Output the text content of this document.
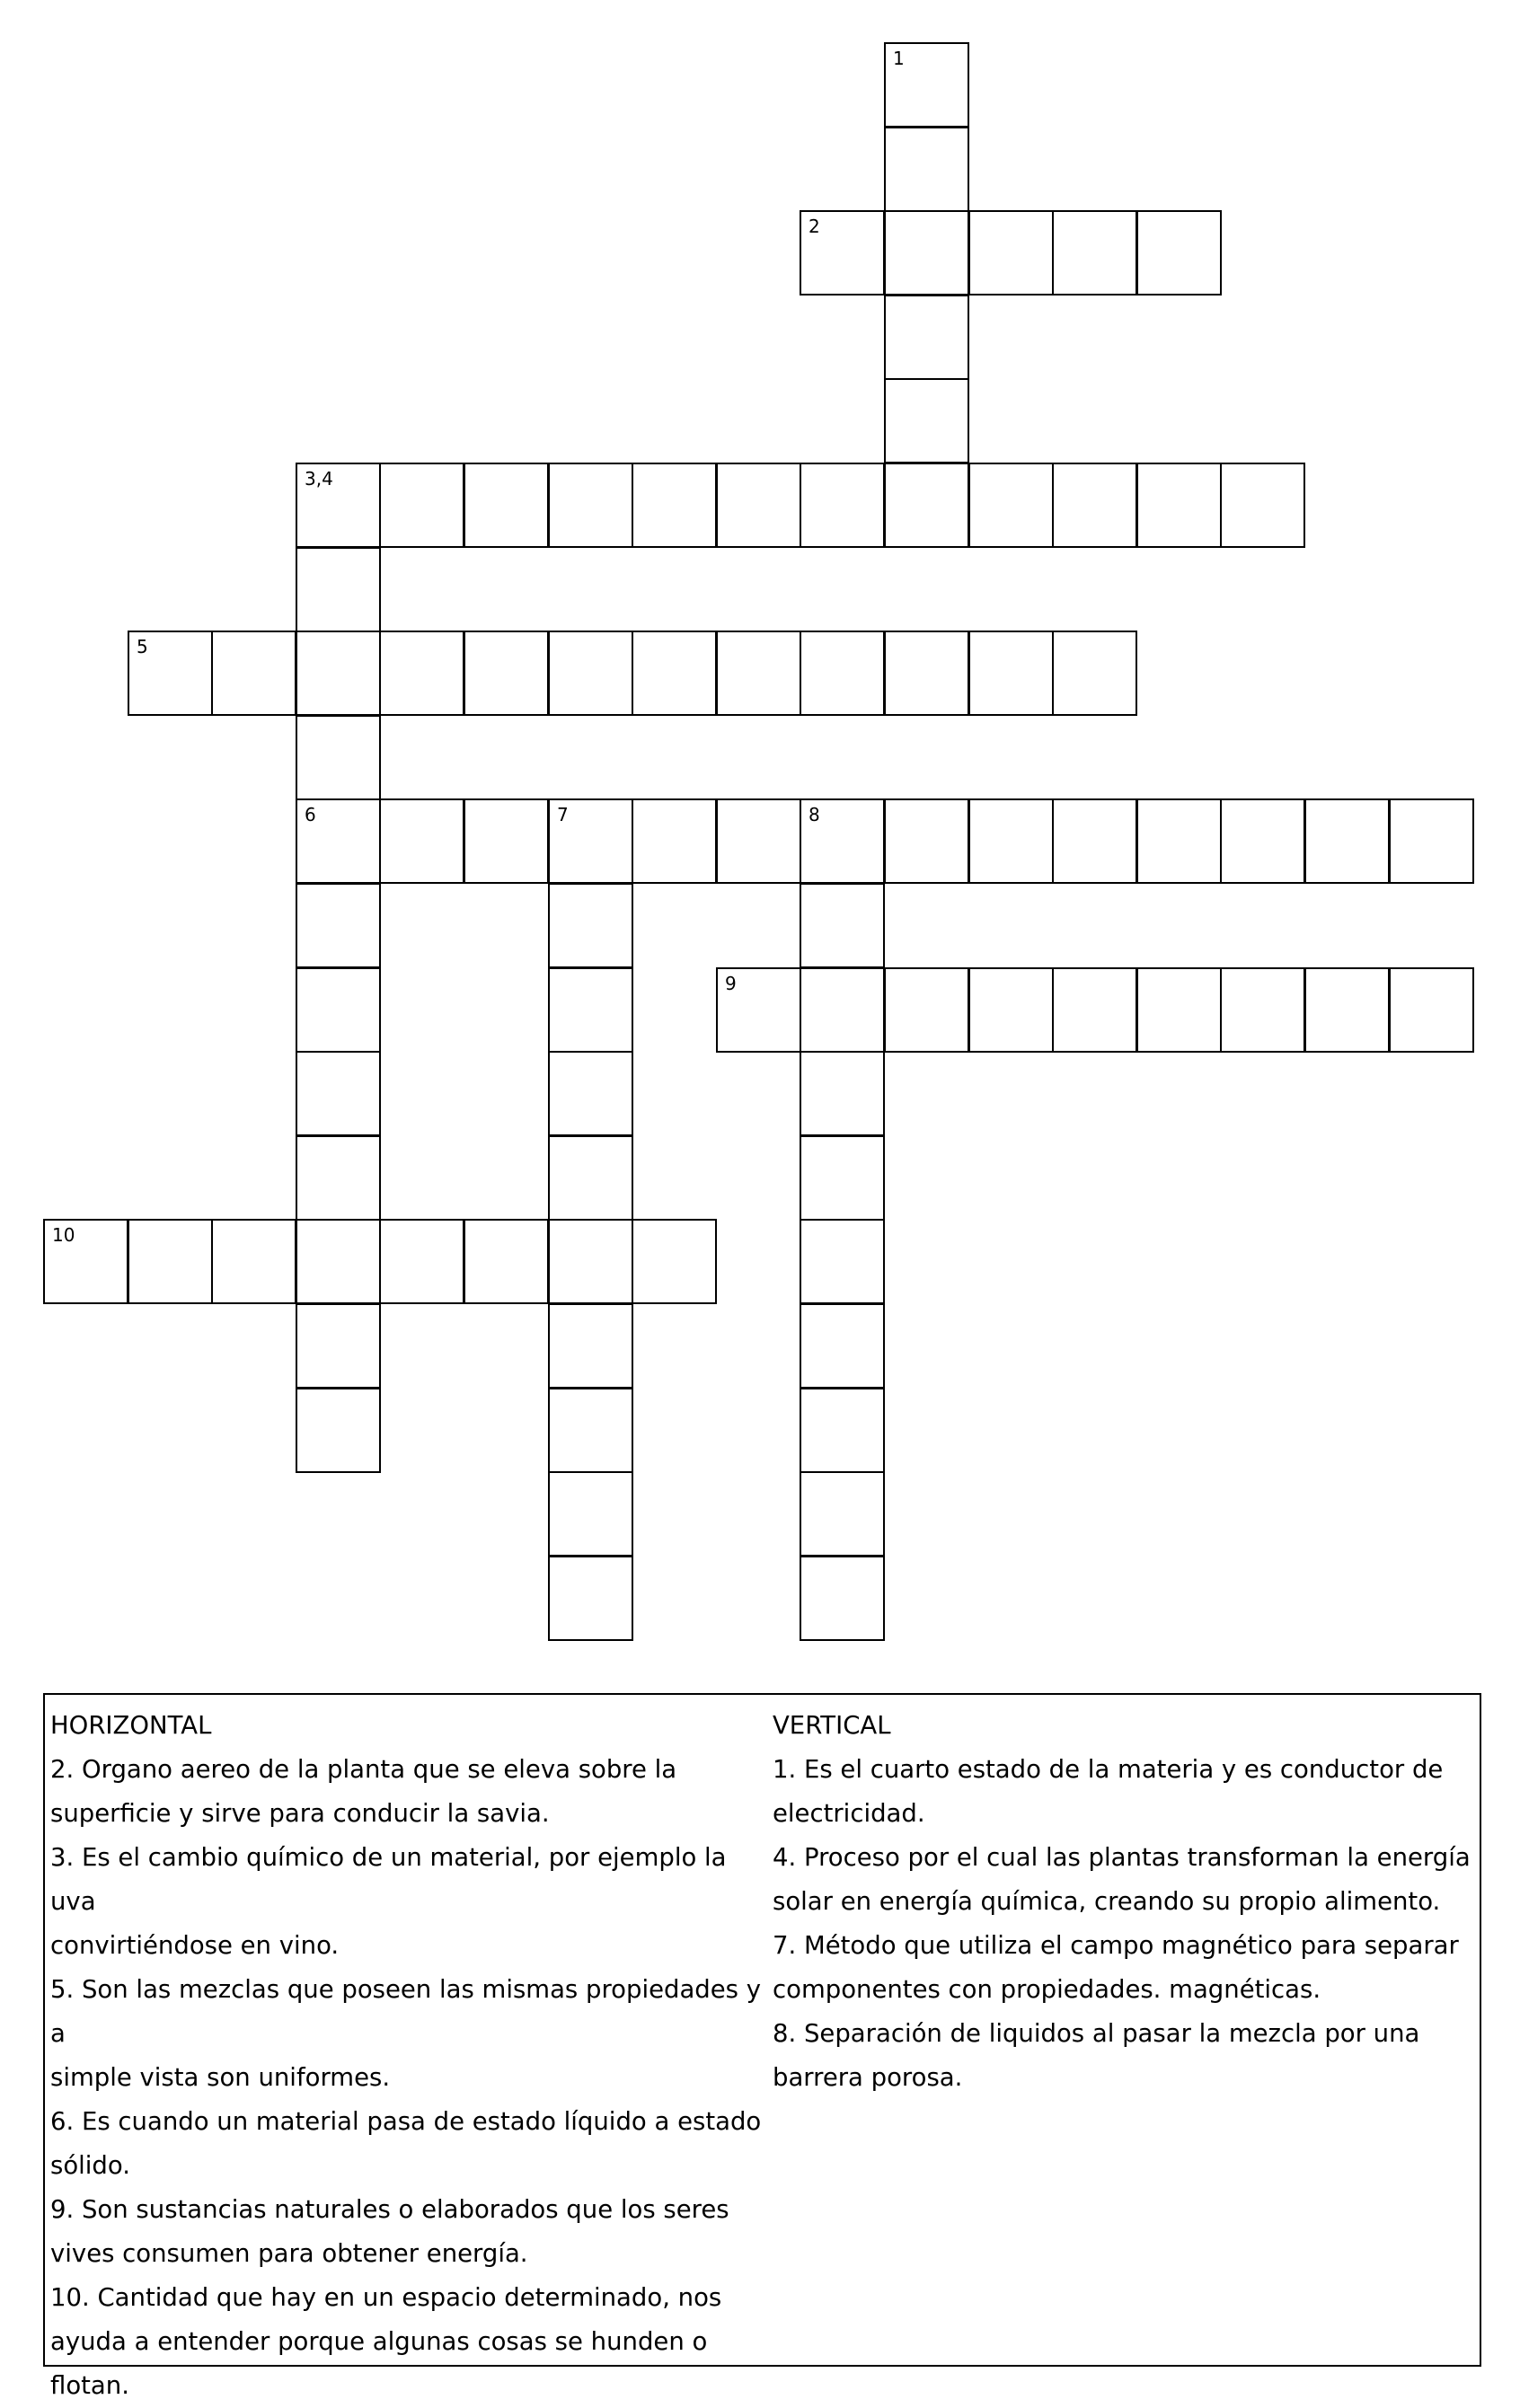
1
2
3,4
5
6	7	8
9
10
HORIZONTAL
2. Organo aereo de la planta que se eleva sobre la
superficie y sirve para conducir la savia.
3. Es el cambio químico de un material, por ejemplo la uva
convirtiéndose en vino.
5. Son las mezclas que poseen las mismas propiedades y a
simple vista son uniformes.
6. Es cuando un material pasa de estado líquido a estado
sólido.
9. Son sustancias naturales o elaborados que los seres
vives consumen para obtener energía.
10. Cantidad que hay en un espacio determinado, nos
ayuda a entender porque algunas cosas se hunden o
flotan.
VERTICAL
1. Es el cuarto estado de la materia y es conductor de
electricidad.
4. Proceso por el cual las plantas transforman la energía
solar en energía química, creando su propio alimento.
7. Método que utiliza el campo magnético para separar
componentes con propiedades. magnéticas.
8. Separación de liquidos al pasar la mezcla por una
barrera porosa.
